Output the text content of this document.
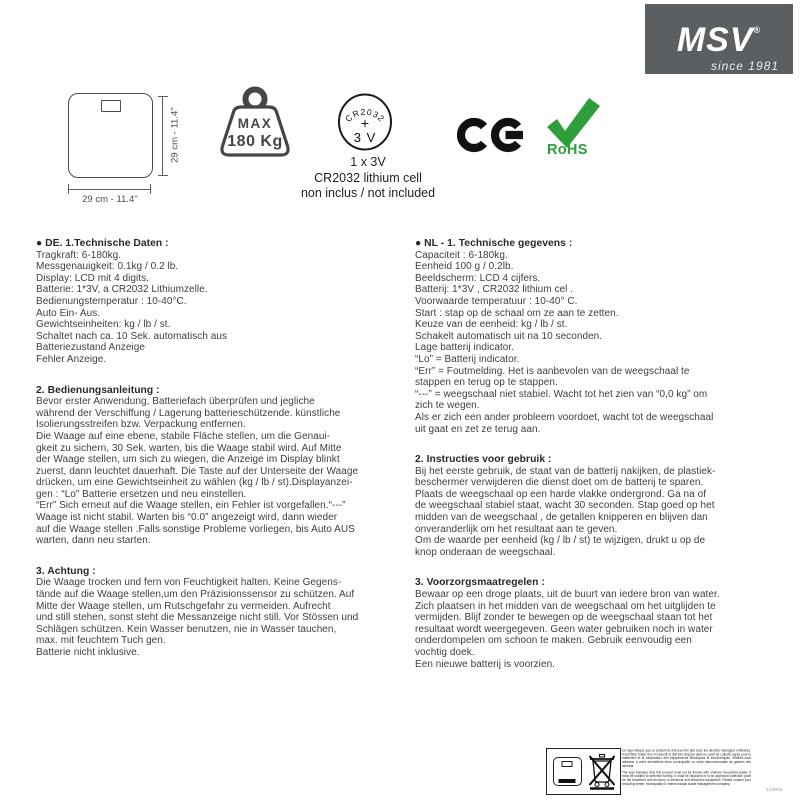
MSV®
since 1981
29 cm - 11.4''
29 cm - 11.4''
MAX
180 Kg
CR2032
+
3 V
1 x 3V
CR2032 lithium cell
non inclus / not included
RoHS
● DE. 1.Technische Daten :
Tragkraft: 6-180kg.
Messgenauigkeit: 0.1kg / 0.2 lb.
Display: LCD mit 4 digits.
Batterie: 1*3V, a CR2032 Lithiumzelle.
Bedienungstemperatur : 10-40°C.
Auto Ein- Aus.
Gewichtseinheiten: kg / lb / st.
Schaltet nach ca. 10 Sek. automatisch aus
Batteriezustand Anzeige
Fehler Anzeige.
2. Bedienungsanleitung :
Bevor erster Anwendung, Batteriefach überprüfen und jegliche
während der Verschiffung / Lagerung batterieschützende. künstliche
Isolierungsstreifen bzw. Verpackung entfernen.
Die Waage auf eine ebene, stabile Fläche stellen, um die Genaui-
gkeit zu sichern, 30 Sek. warten, bis die Waage stabil wird. Auf Mitte
der Waage stellen, um sich zu wiegen, die Anzeige im Display blinkt
zuerst, dann leuchtet dauerhaft. Die Taste auf der Unterseite der Waage
drücken, um eine Gewichtseinheit zu wählen (kg / lb / st).Displayanzei-
gen : “Lo” Batterie ersetzen und neu einstellen.
“Err” Sich erneut auf die Waage stellen, ein Fehler ist vorgefallen.“---”
Waage ist nicht stabil. Warten bis “0.0” angezeigt wird, dann wieder
auf die Waage stellen .Falls sonstige Probleme vorliegen, bis Auto AUS
warten, dann neu starten.
3. Achtung :
Die Waage trocken und fern von Feuchtigkeit halten. Keine Gegens-
tände auf die Waage stellen,um den Präzisionssensor zu schützen. Auf
Mitte der Waage stellen, um Rutschgefahr zu vermeiden. Aufrecht
und still stehen, sonst steht die Messanzeige nicht still. Vor Stössen und
Schlägen schützen. Kein Wasser benutzen, nie in Wasser tauchen,
max. mit feuchtem Tuch gen.
Batterie nicht inklusive.
● NL - 1. Technische gegevens :
Capaciteit : 6-180kg.
Eenheid 100 g / 0.2lb.
Beeldscherm: LCD 4 cijfers.
Batterij: 1*3V , CR2032 lithium cel .
Voorwaarde temperatuur : 10-40° C.
Start : stap op de schaal om ze aan te zetten.
Keuze van de eenheid: kg / lb / st.
Schakelt automatisch uit na 10 seconden.
Lage batterij indicator.
“Lo” = Batterij indicator.
“Err” = Foutmelding. Het is aanbevolen van de weegschaal te
stappen en terug op te stappen.
“---” = weegschaal niet stabiel. Wacht tot het zien van “0,0 kg” om
zich te wegen.
Als er zich een ander probleem voordoet, wacht tot de weegschaal
uit gaat en zet ze terug aan.
2. Instructies voor gebruik :
Bij het eerste gebruik, de staat van de batterij nakijken, de plastiek-
beschermer verwijderen die dienst doet om de batterij te sparen.
Plaats de weegschaal op een harde vlakke ondergrond. Ga na of
de weegschaal stabiel staat, wacht 30 seconden. Stap goed op het
midden van de weegschaal , de getallen knipperen en blijven dan
onveranderlijk om het resultaat aan te geven.
Om de waarde per eenheid (kg / lb / st) te wijzigen, drukt u op de
knop onderaan de weegschaal.
3. Voorzorgsmaatregelen :
Bewaar op een droge plaats, uit de buurt van iedere bron van water.
Zich plaatsen in het midden van de weegschaal om het uitglijden te
vermijden. Blijf zonder te bewegen op de weegschaal staan tot het
resultaat wordt weergegeven. Geen water gebruiken noch in water
onderdompelen om schoon te maken. Gebruik eenvoudig een
vochtig doek.
Een nieuwe batterij is voorzien.

Ce logo indique que ce produit ne doit pas être jeté avec les déchets ménagers ordinaires. Il doit faire l'objet d'un tri sélectif et doit être déposé dans un point de collecte agréé pour le traitement et la valorisation des équipements électriques et électroniques. Veuillez-vous adresser à votre déchetterie et/ou municipalité ou votre intercommunale de gestion des déchets.

The logo indicates that this product must not be thrown with ordinary household waste. It must be subject to selective sorting. It must be disposed of in an approved collection point for the treatment and recovery of electrical and electronic equipment. Please contact your recycling center, municipality or intermunicipal waste management company.

143802
